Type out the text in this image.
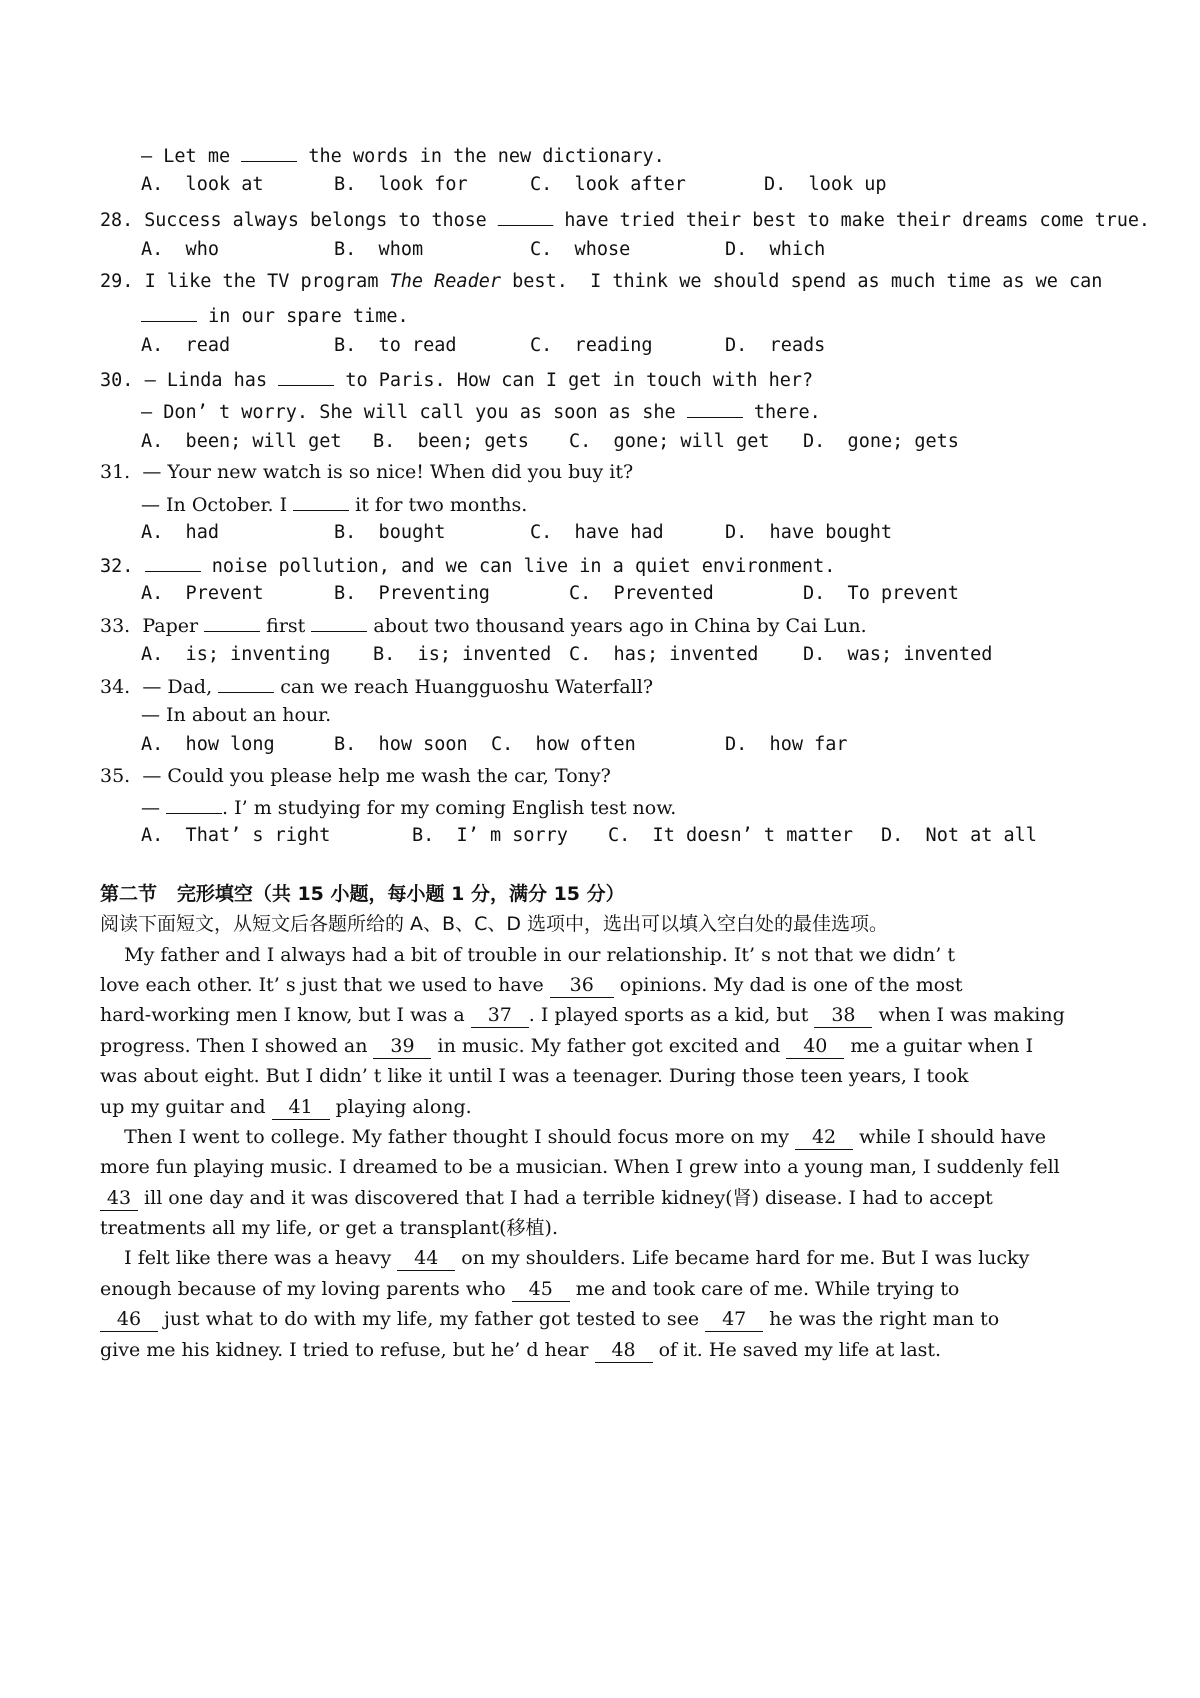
— Let me	the words in the new dictionary.
A.  look at	B.  look for	C.  look after	D.  look up
28. Success always belongs to those	have tried their best to make their dreams come true.
A.  who	B.  whom	C.  whose	D.  which
29. I like the TV program The Reader best.  I think we should spend as much time as we can
in our spare time.
A.  read	B.  to read	C.  reading	D.  reads
30. — Linda has	to Paris. How can I get in touch with her?
— Don’ t worry. She will call you as soon as she	there.
A.  been; will get B.  been; gets C.  gone; will get D.  gone; gets
31. — Your new watch is so nice! When did you buy it?
— In October. I	it for two months.
A.  had	B.  bought	C.  have had	D.  have bought
32.	noise pollution, and we can live in a quiet environment.
A.  Prevent	B.  Preventing	C.  Prevented	D.  To prevent
33. Paper	first	about two thousand years ago in China by Cai Lun.
A.  is; inventing B.  is; invented C.  has; invented D.  was; invented
34. — Dad,	can we reach Huangguoshu Waterfall?
— In about an hour.
A.  how long	B.  how soon C.  how often	D.  how far
35. — Could you please help me wash the car, Tony?
—	. I’ m studying for my coming English test now.
A.  That’ s right	B.  I’ m sorry C.  It doesn’ t matter D.  Not at all
第二节   完形填空（共 15 小题，每小题 1 分，满分 15 分）
阅读下面短文，从短文后各题所给的 A、B、C、D 选项中，选出可以填入空白处的最佳选项。
My father and I always had a bit of trouble in our relationship. It’ s not that we didn’ t
love each other. It’ s just that we used to have 36 opinions. My dad is one of the most
hard-working men I know, but I was a 37 . I played sports as a kid, but 38 when I was making
progress. Then I showed an 39 in music. My father got excited and 40 me a guitar when I
was about eight. But I didn’ t like it until I was a teenager. During those teen years, I took
up my guitar and 41 playing along.
Then I went to college. My father thought I should focus more on my 42 while I should have
more fun playing music. I dreamed to be a musician. When I grew into a young man, I suddenly fell
43 ill one day and it was discovered that I had a terrible kidney(肾) disease. I had to accept
treatments all my life, or get a transplant(移植).
I felt like there was a heavy 44 on my shoulders. Life became hard for me. But I was lucky
enough because of my loving parents who 45 me and took care of me. While trying to
46 just what to do with my life, my father got tested to see 47 he was the right man to
give me his kidney. I tried to refuse, but he’ d hear 48 of it. He saved my life at last.
